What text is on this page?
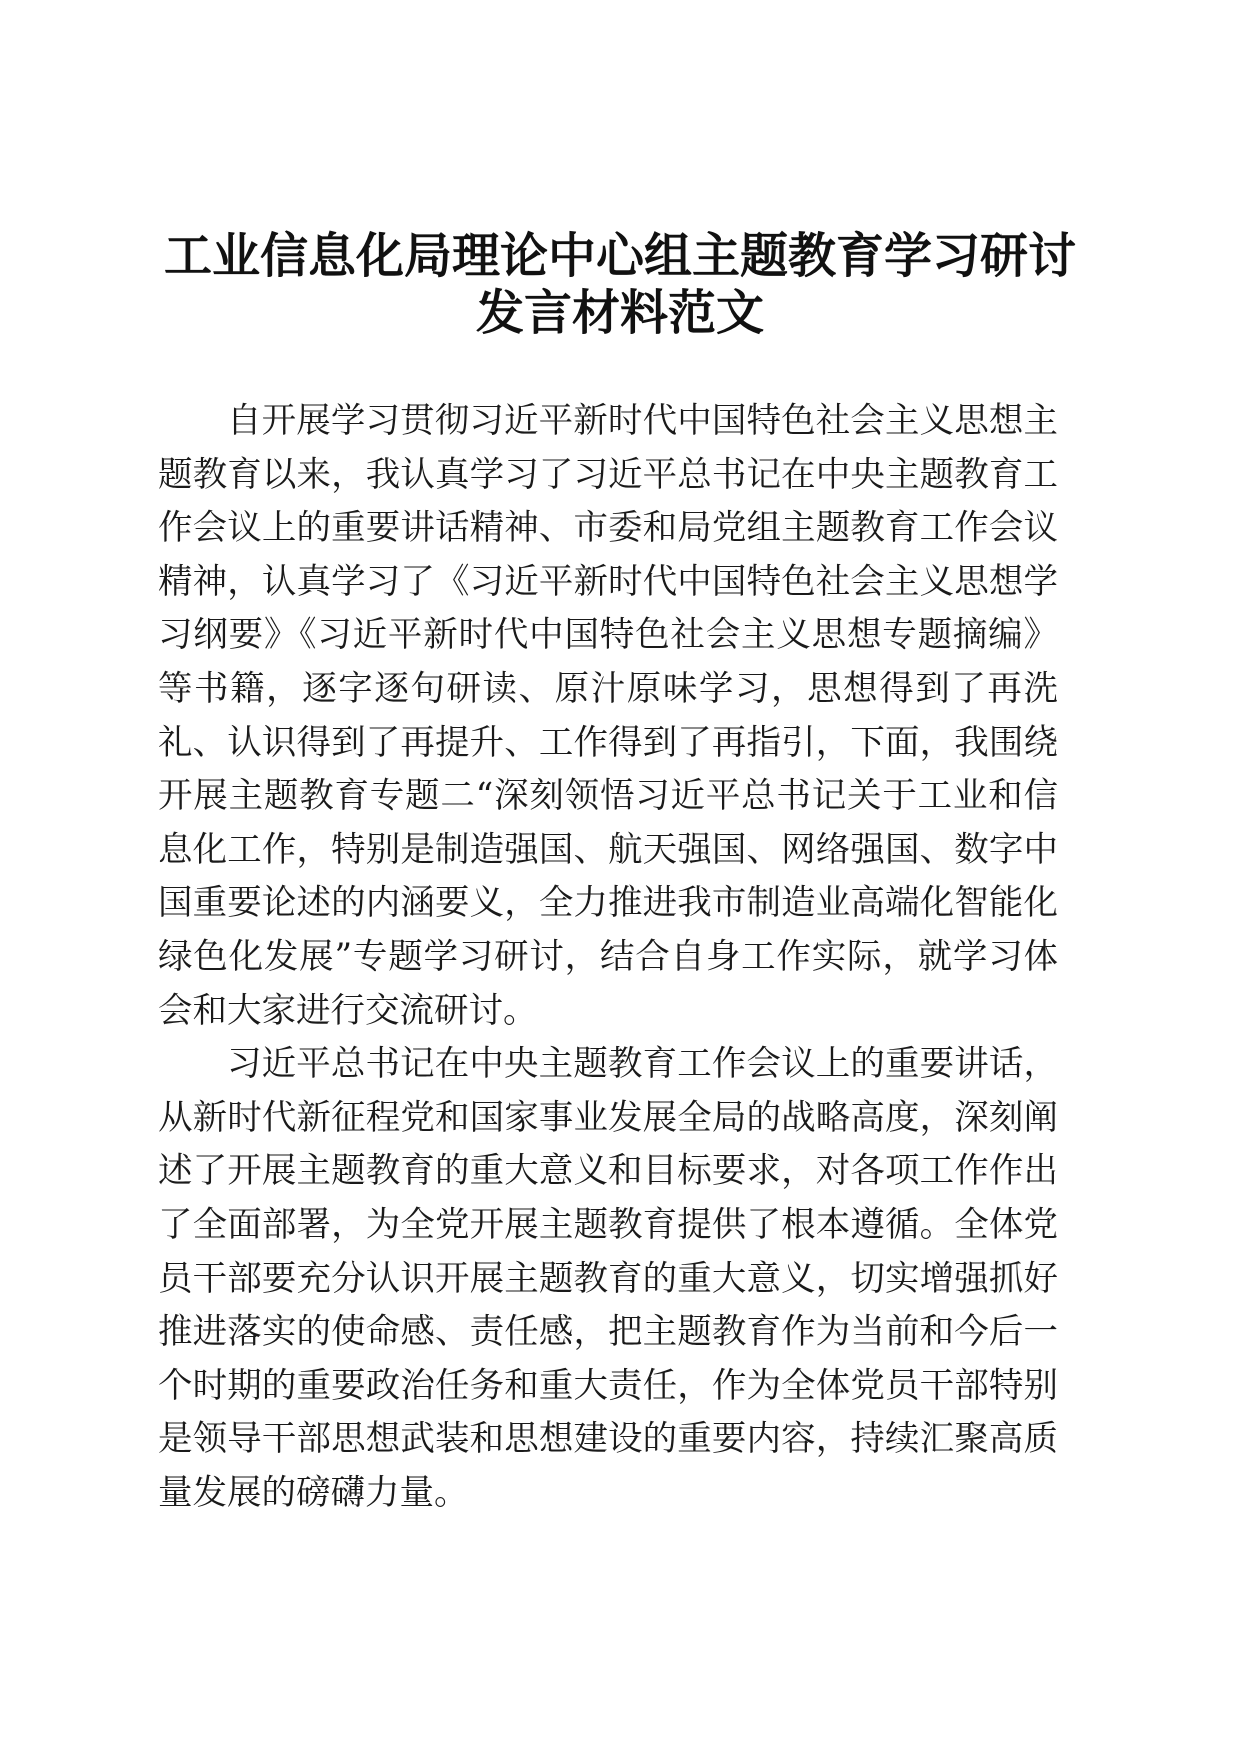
工业信息化局理论中心组主题教育学习研讨发言材料范文

自开展学习贯彻习近平新时代中国特色社会主义思想主题教育以来，我认真学习了习近平总书记在中央主题教育工作会议上的重要讲话精神、市委和局党组主题教育工作会议精神，认真学习了《习近平新时代中国特色社会主义思想学习纲要》《习近平新时代中国特色社会主义思想专题摘编》等书籍，逐字逐句研读、原汁原味学习，思想得到了再洗礼、认识得到了再提升、工作得到了再指引，下面，我围绕开展主题教育专题二“深刻领悟习近平总书记关于工业和信息化工作，特别是制造强国、航天强国、网络强国、数字中国重要论述的内涵要义，全力推进我市制造业高端化智能化绿色化发展”专题学习研讨，结合自身工作实际，就学习体会和大家进行交流研讨。

习近平总书记在中央主题教育工作会议上的重要讲话，从新时代新征程党和国家事业发展全局的战略高度，深刻阐述了开展主题教育的重大意义和目标要求，对各项工作作出了全面部署，为全党开展主题教育提供了根本遵循。全体党员干部要充分认识开展主题教育的重大意义，切实增强抓好推进落实的使命感、责任感，把主题教育作为当前和今后一个时期的重要政治任务和重大责任，作为全体党员干部特别是领导干部思想武装和思想建设的重要内容，持续汇聚高质量发展的磅礴力量。
